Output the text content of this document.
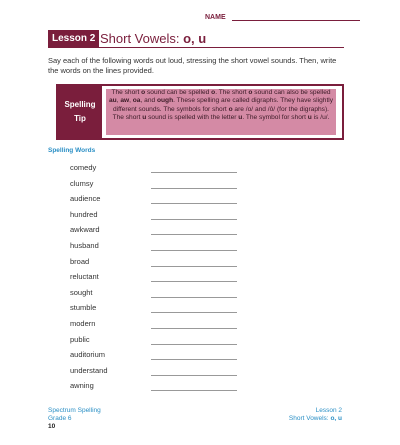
NAME
Lesson 2 Short Vowels: o, u
Say each of the following words out loud, stressing the short vowel sounds. Then, write the words on the lines provided.
Spelling
Tip
The short o sound can be spelled o. The short o sound can also be spelled au, aw, oa, and ough. These spelling are called digraphs. They have slightly different sounds. The symbols for short o are /o/ and /ô/ (for the digraphs). The short u sound is spelled with the letter u. The symbol for short u is /u/.
Spelling Words
comedy
clumsy
audience
hundred
awkward
husband
broad
reluctant
sought
stumble
modern
public
auditorium
understand
awning
Spectrum Spelling
Grade 6
10
Lesson 2
Short Vowels: o, u
